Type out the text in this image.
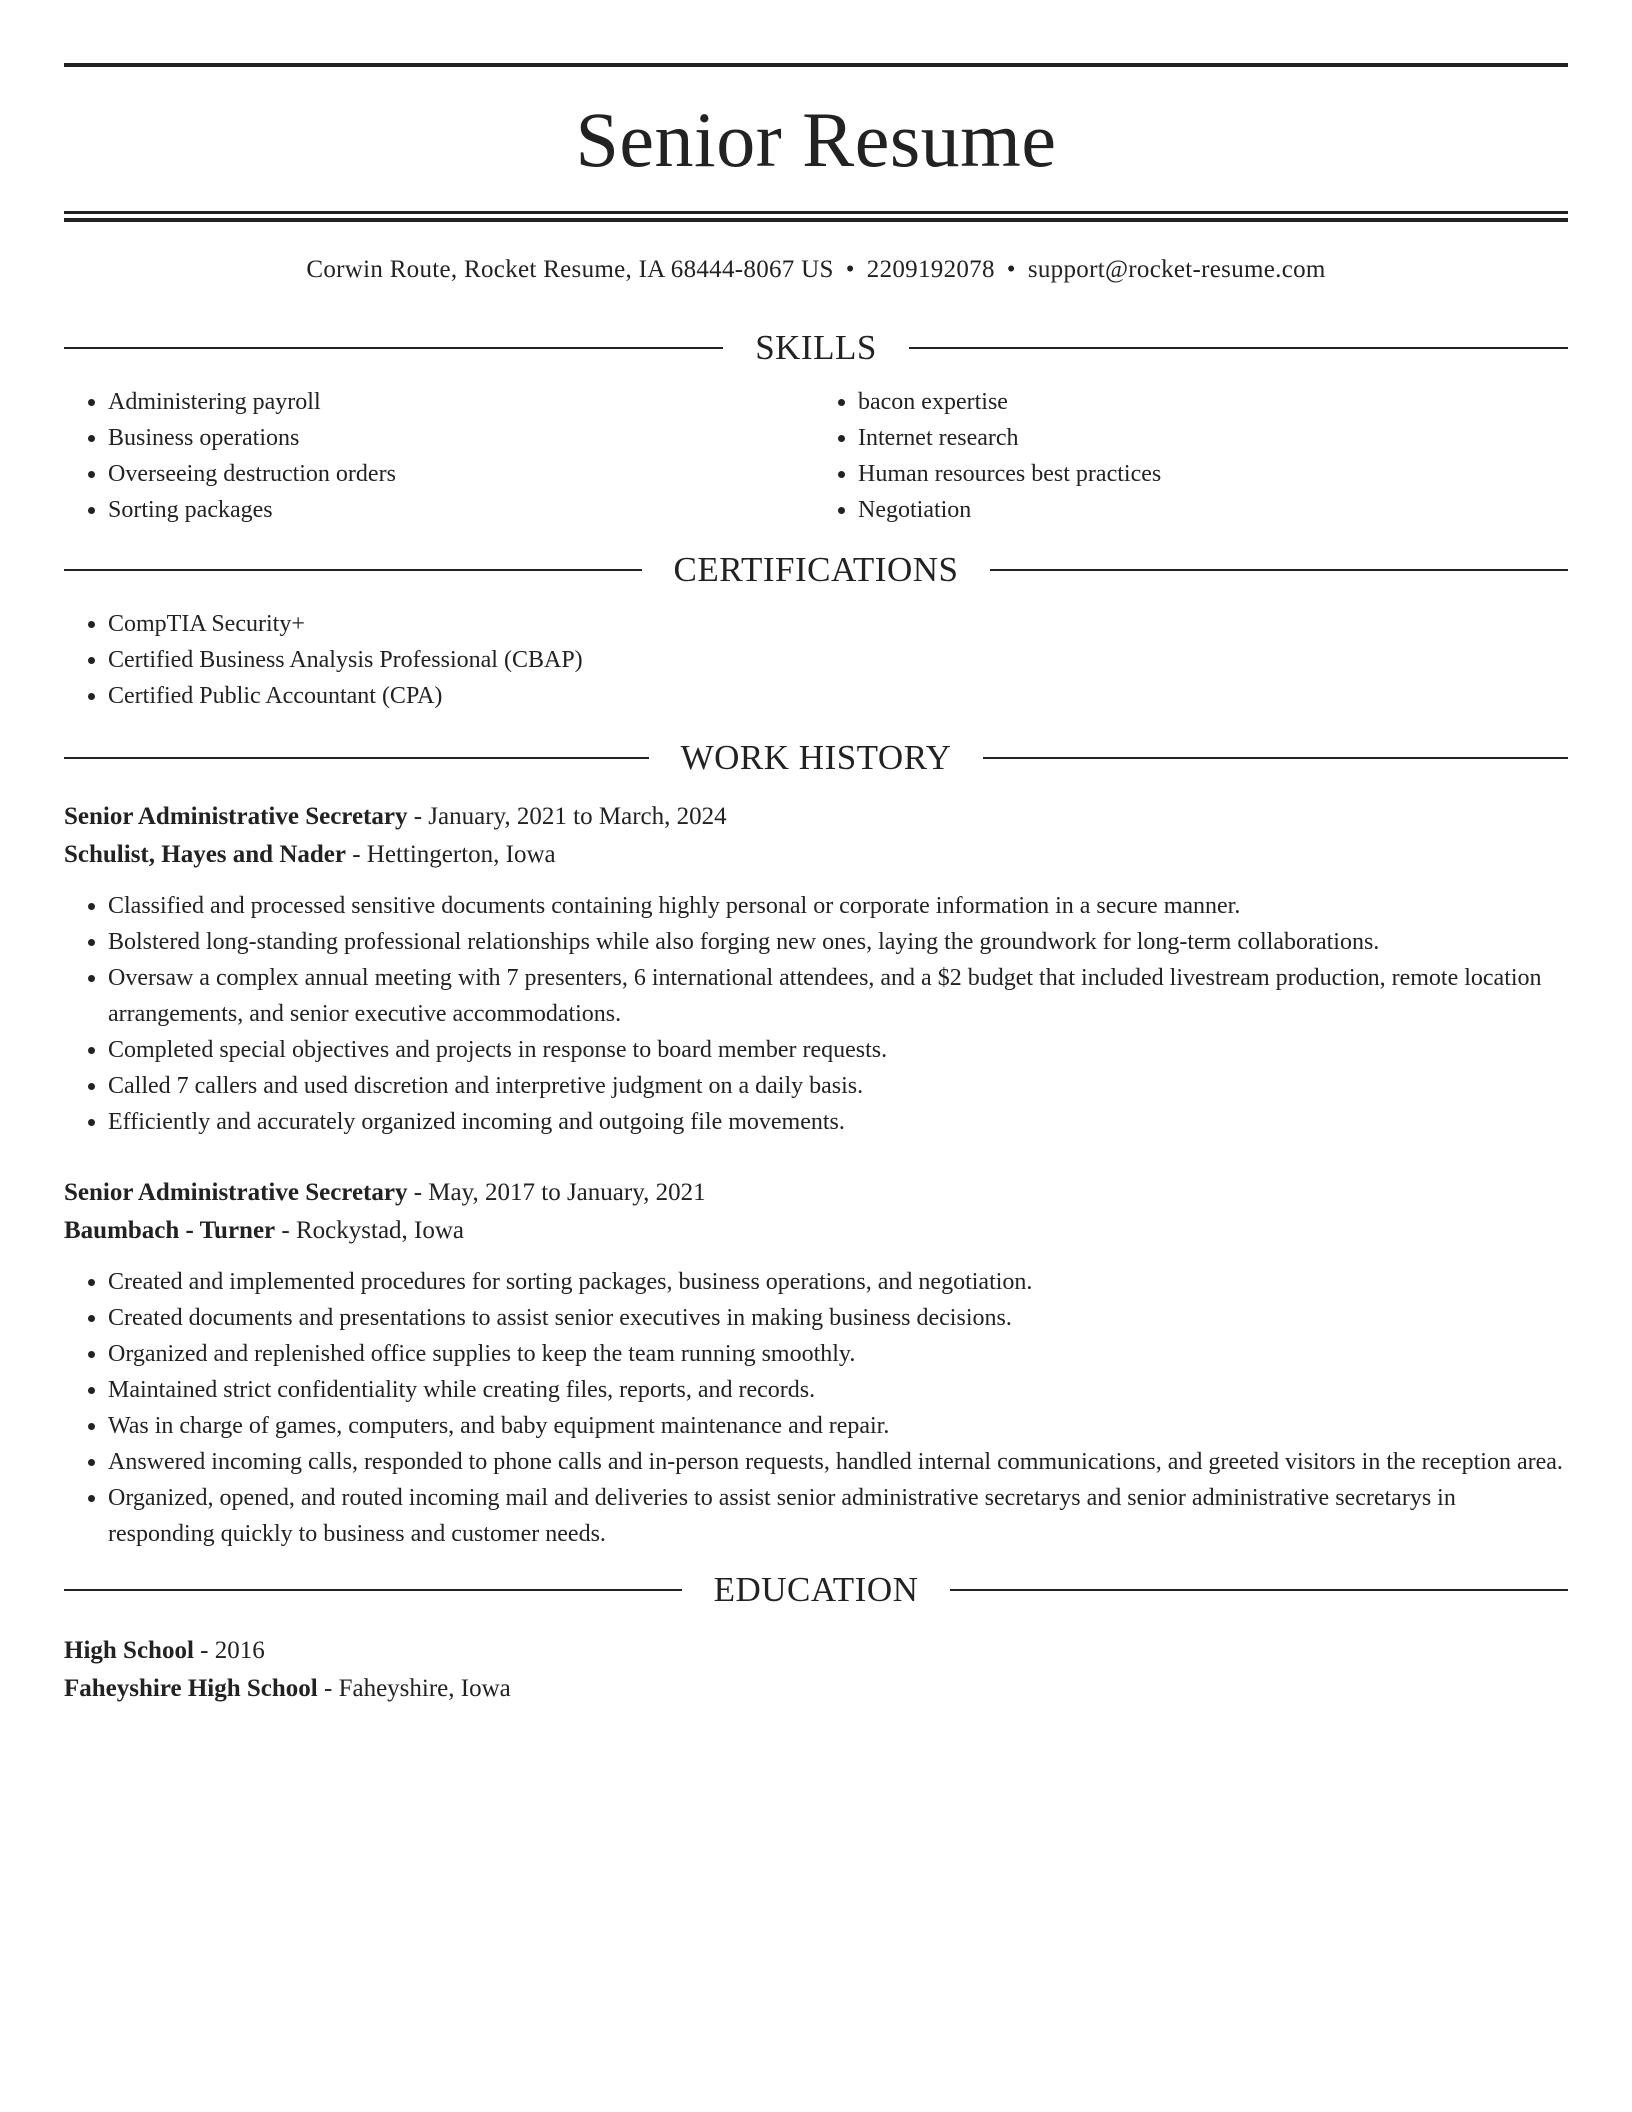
Senior Resume
Corwin Route, Rocket Resume, IA 68444-8067 US • 2209192078 • support@rocket-resume.com
SKILLS
• Administering payroll
• Business operations
• Overseeing destruction orders
• Sorting packages
• bacon expertise
• Internet research
• Human resources best practices
• Negotiation
CERTIFICATIONS
• CompTIA Security+
• Certified Business Analysis Professional (CBAP)
• Certified Public Accountant (CPA)
WORK HISTORY
Senior Administrative Secretary - January, 2021 to March, 2024
Schulist, Hayes and Nader - Hettingerton, Iowa
• Classified and processed sensitive documents containing highly personal or corporate information in a secure manner.
• Bolstered long-standing professional relationships while also forging new ones, laying the groundwork for long-term collaborations.
• Oversaw a complex annual meeting with 7 presenters, 6 international attendees, and a $2 budget that included livestream production, remote location arrangements, and senior executive accommodations.
• Completed special objectives and projects in response to board member requests.
• Called 7 callers and used discretion and interpretive judgment on a daily basis.
• Efficiently and accurately organized incoming and outgoing file movements.
Senior Administrative Secretary - May, 2017 to January, 2021
Baumbach - Turner - Rockystad, Iowa
• Created and implemented procedures for sorting packages, business operations, and negotiation.
• Created documents and presentations to assist senior executives in making business decisions.
• Organized and replenished office supplies to keep the team running smoothly.
• Maintained strict confidentiality while creating files, reports, and records.
• Was in charge of games, computers, and baby equipment maintenance and repair.
• Answered incoming calls, responded to phone calls and in-person requests, handled internal communications, and greeted visitors in the reception area.
• Organized, opened, and routed incoming mail and deliveries to assist senior administrative secretarys and senior administrative secretarys in responding quickly to business and customer needs.
EDUCATION
High School - 2016
Faheyshire High School - Faheyshire, Iowa
